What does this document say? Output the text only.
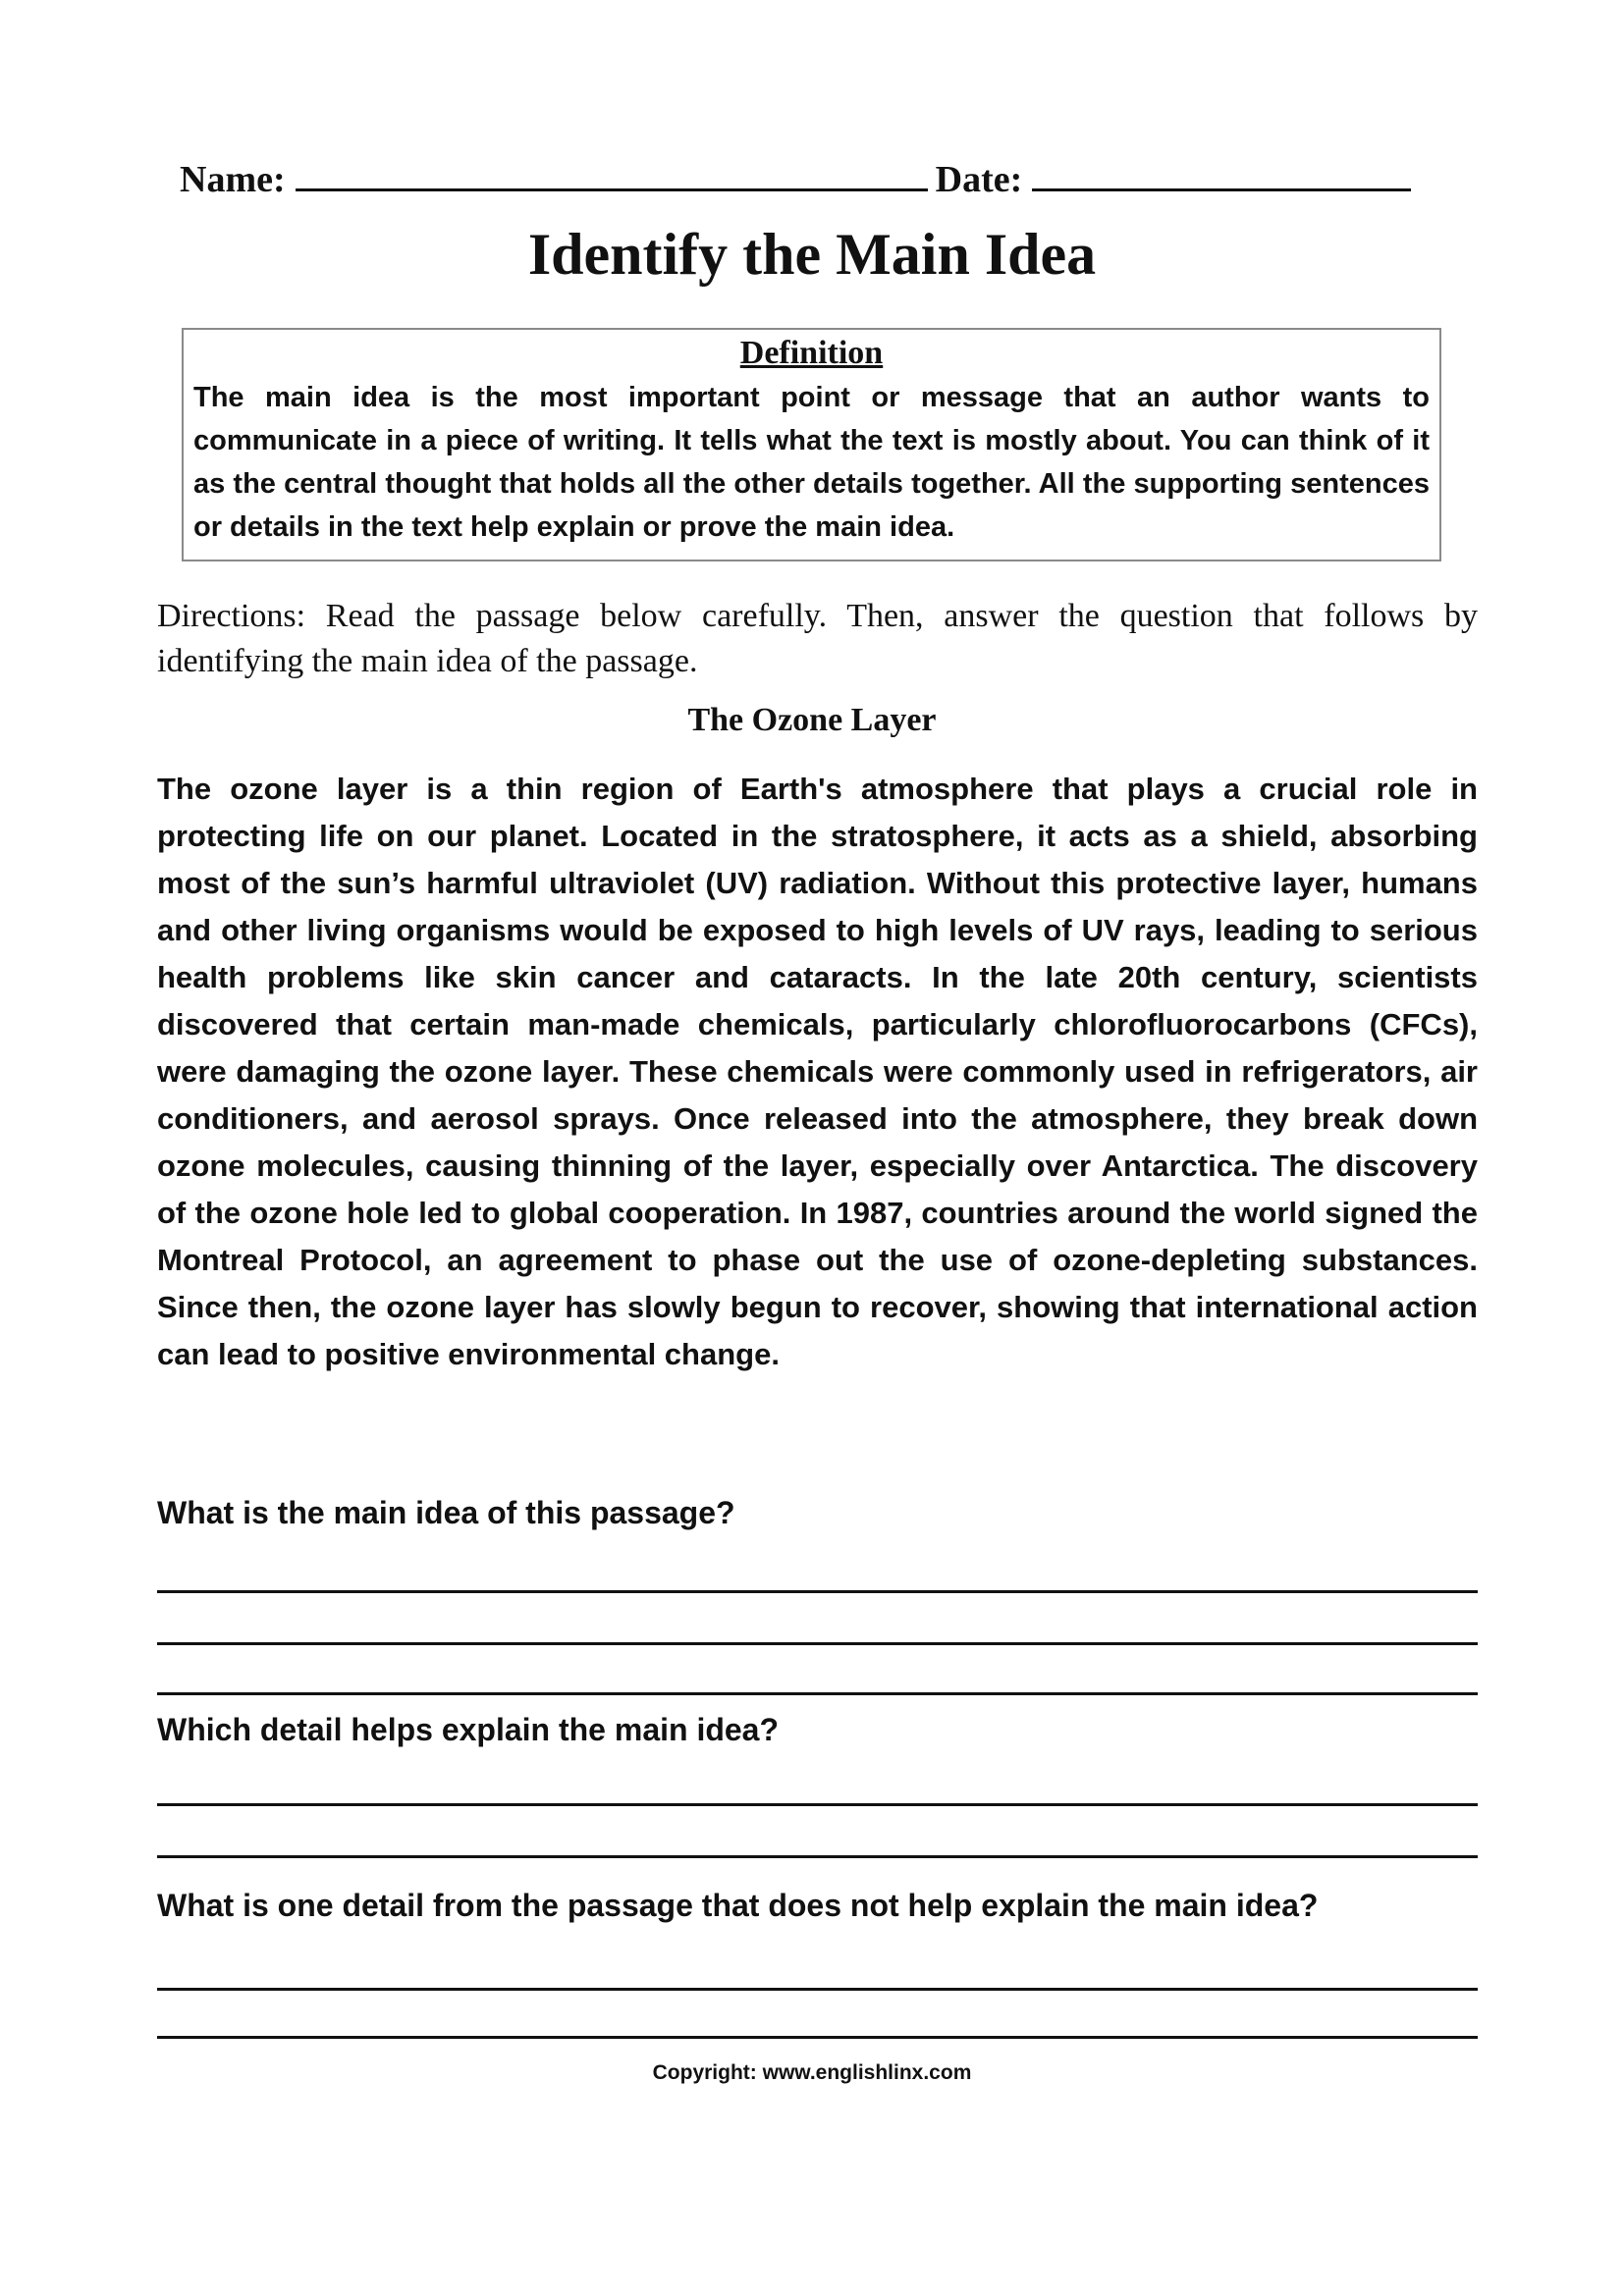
Name:	Date:
Identify the Main Idea
Definition
The main idea is the most important point or message that an author wants to communicate in a piece of writing. It tells what the text is mostly about. You can think of it as the central thought that holds all the other details together. All the supporting sentences or details in the text help explain or prove the main idea.
Directions: Read the passage below carefully. Then, answer the question that follows by identifying the main idea of the passage.
The Ozone Layer
The ozone layer is a thin region of Earth's atmosphere that plays a crucial role in protecting life on our planet. Located in the stratosphere, it acts as a shield, absorbing most of the sun’s harmful ultraviolet (UV) radiation. Without this protective layer, humans and other living organisms would be exposed to high levels of UV rays, leading to serious health problems like skin cancer and cataracts. In the late 20th century, scientists discovered that certain man-made chemicals, particularly chlorofluorocarbons (CFCs), were damaging the ozone layer. These chemicals were commonly used in refrigerators, air conditioners, and aerosol sprays. Once released into the atmosphere, they break down ozone molecules, causing thinning of the layer, especially over Antarctica. The discovery of the ozone hole led to global cooperation. In 1987, countries around the world signed the Montreal Protocol, an agreement to phase out the use of ozone-depleting substances. Since then, the ozone layer has slowly begun to recover, showing that international action can lead to positive environmental change.
What is the main idea of this passage?
Which detail helps explain the main idea?
What is one detail from the passage that does not help explain the main idea?
Copyright: www.englishlinx.com
